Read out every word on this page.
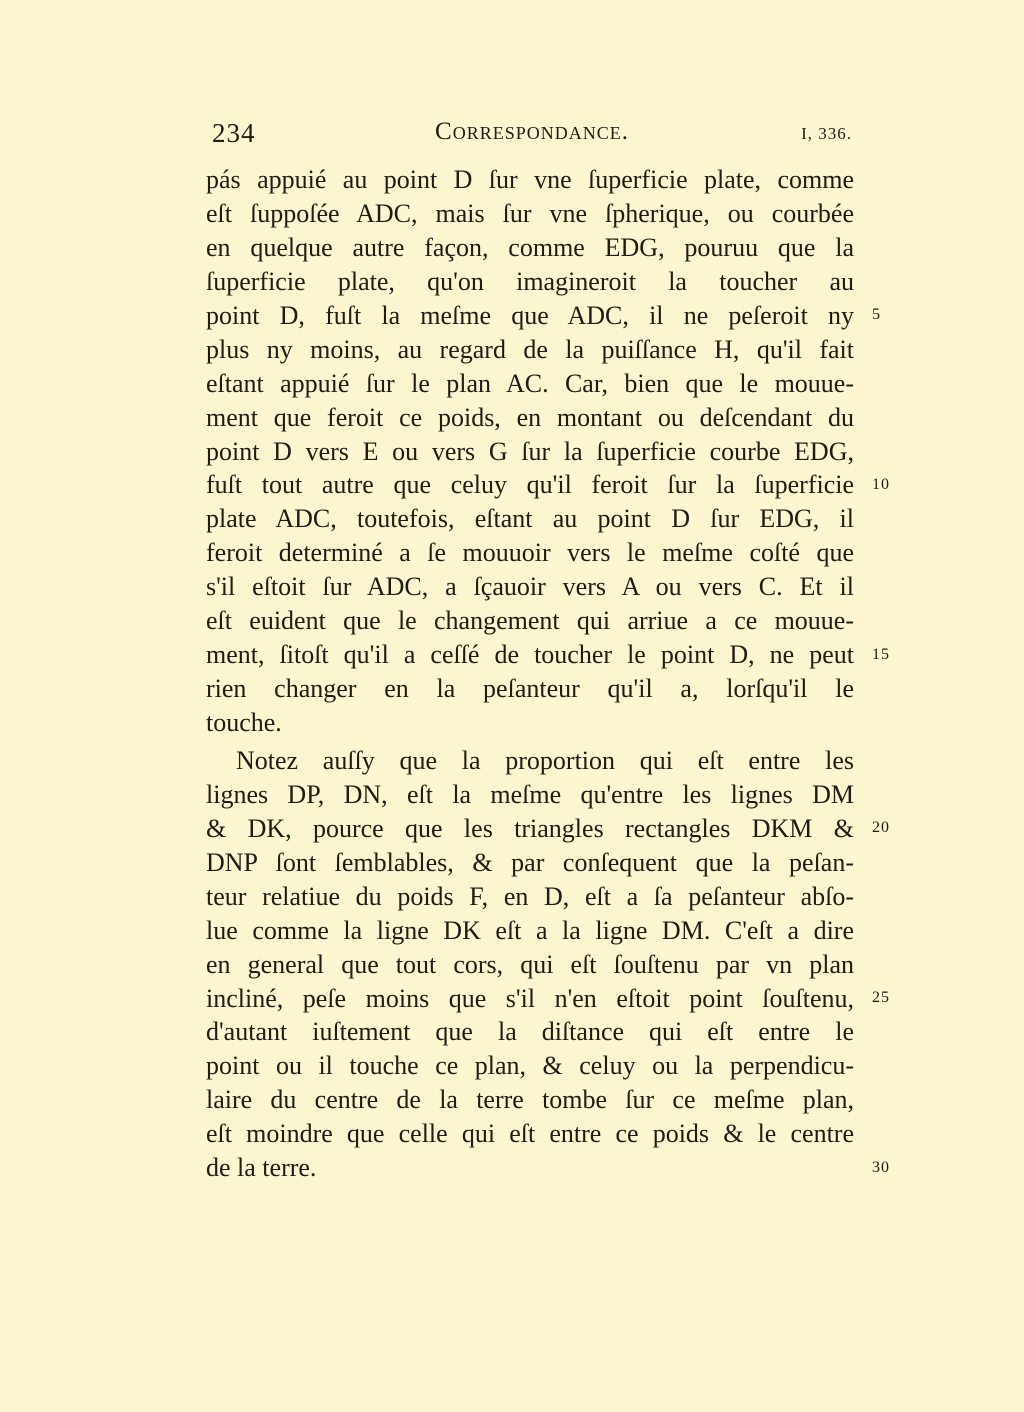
234	Correspondance.	I, 336.
pás appuié au point D ſur vne ſuperficie plate, comme
eſt ſuppoſée ADC, mais ſur vne ſpherique, ou courbée
en quelque autre façon, comme EDG, pouruu que la
ſuperficie plate, qu'on imagineroit la toucher au
point D, fuſt la meſme que ADC, il ne peſeroit ny
plus ny moins, au regard de la puiſſance H, qu'il fait
eſtant appuié ſur le plan AC. Car, bien que le mouue-
ment que feroit ce poids, en montant ou deſcendant du
point D vers E ou vers G ſur la ſuperficie courbe EDG,
fuſt tout autre que celuy qu'il feroit ſur la ſuperficie
plate ADC, toutefois, eſtant au point D ſur EDG, il
feroit determiné a ſe mouuoir vers le meſme coſté que
s'il eſtoit ſur ADC, a ſçauoir vers A ou vers C. Et il
eſt euident que le changement qui arriue a ce mouue-
ment, ſitoſt qu'il a ceſſé de toucher le point D, ne peut
rien changer en la peſanteur qu'il a, lorſqu'il le
touche.
Notez auſſy que la proportion qui eſt entre les
lignes DP, DN, eſt la meſme qu'entre les lignes DM
& DK, pource que les triangles rectangles DKM &
DNP ſont ſemblables, & par conſequent que la peſan-
teur relatiue du poids F, en D, eſt a ſa peſanteur abſo-
lue comme la ligne DK eſt a la ligne DM. C'eſt a dire
en general que tout cors, qui eſt ſouſtenu par vn plan
incliné, peſe moins que s'il n'en eſtoit point ſouſtenu,
d'autant iuſtement que la diſtance qui eſt entre le
point ou il touche ce plan, & celuy ou la perpendicu-
laire du centre de la terre tombe ſur ce meſme plan,
eſt moindre que celle qui eſt entre ce poids & le centre
de la terre.
5
10
15
20
25
30
